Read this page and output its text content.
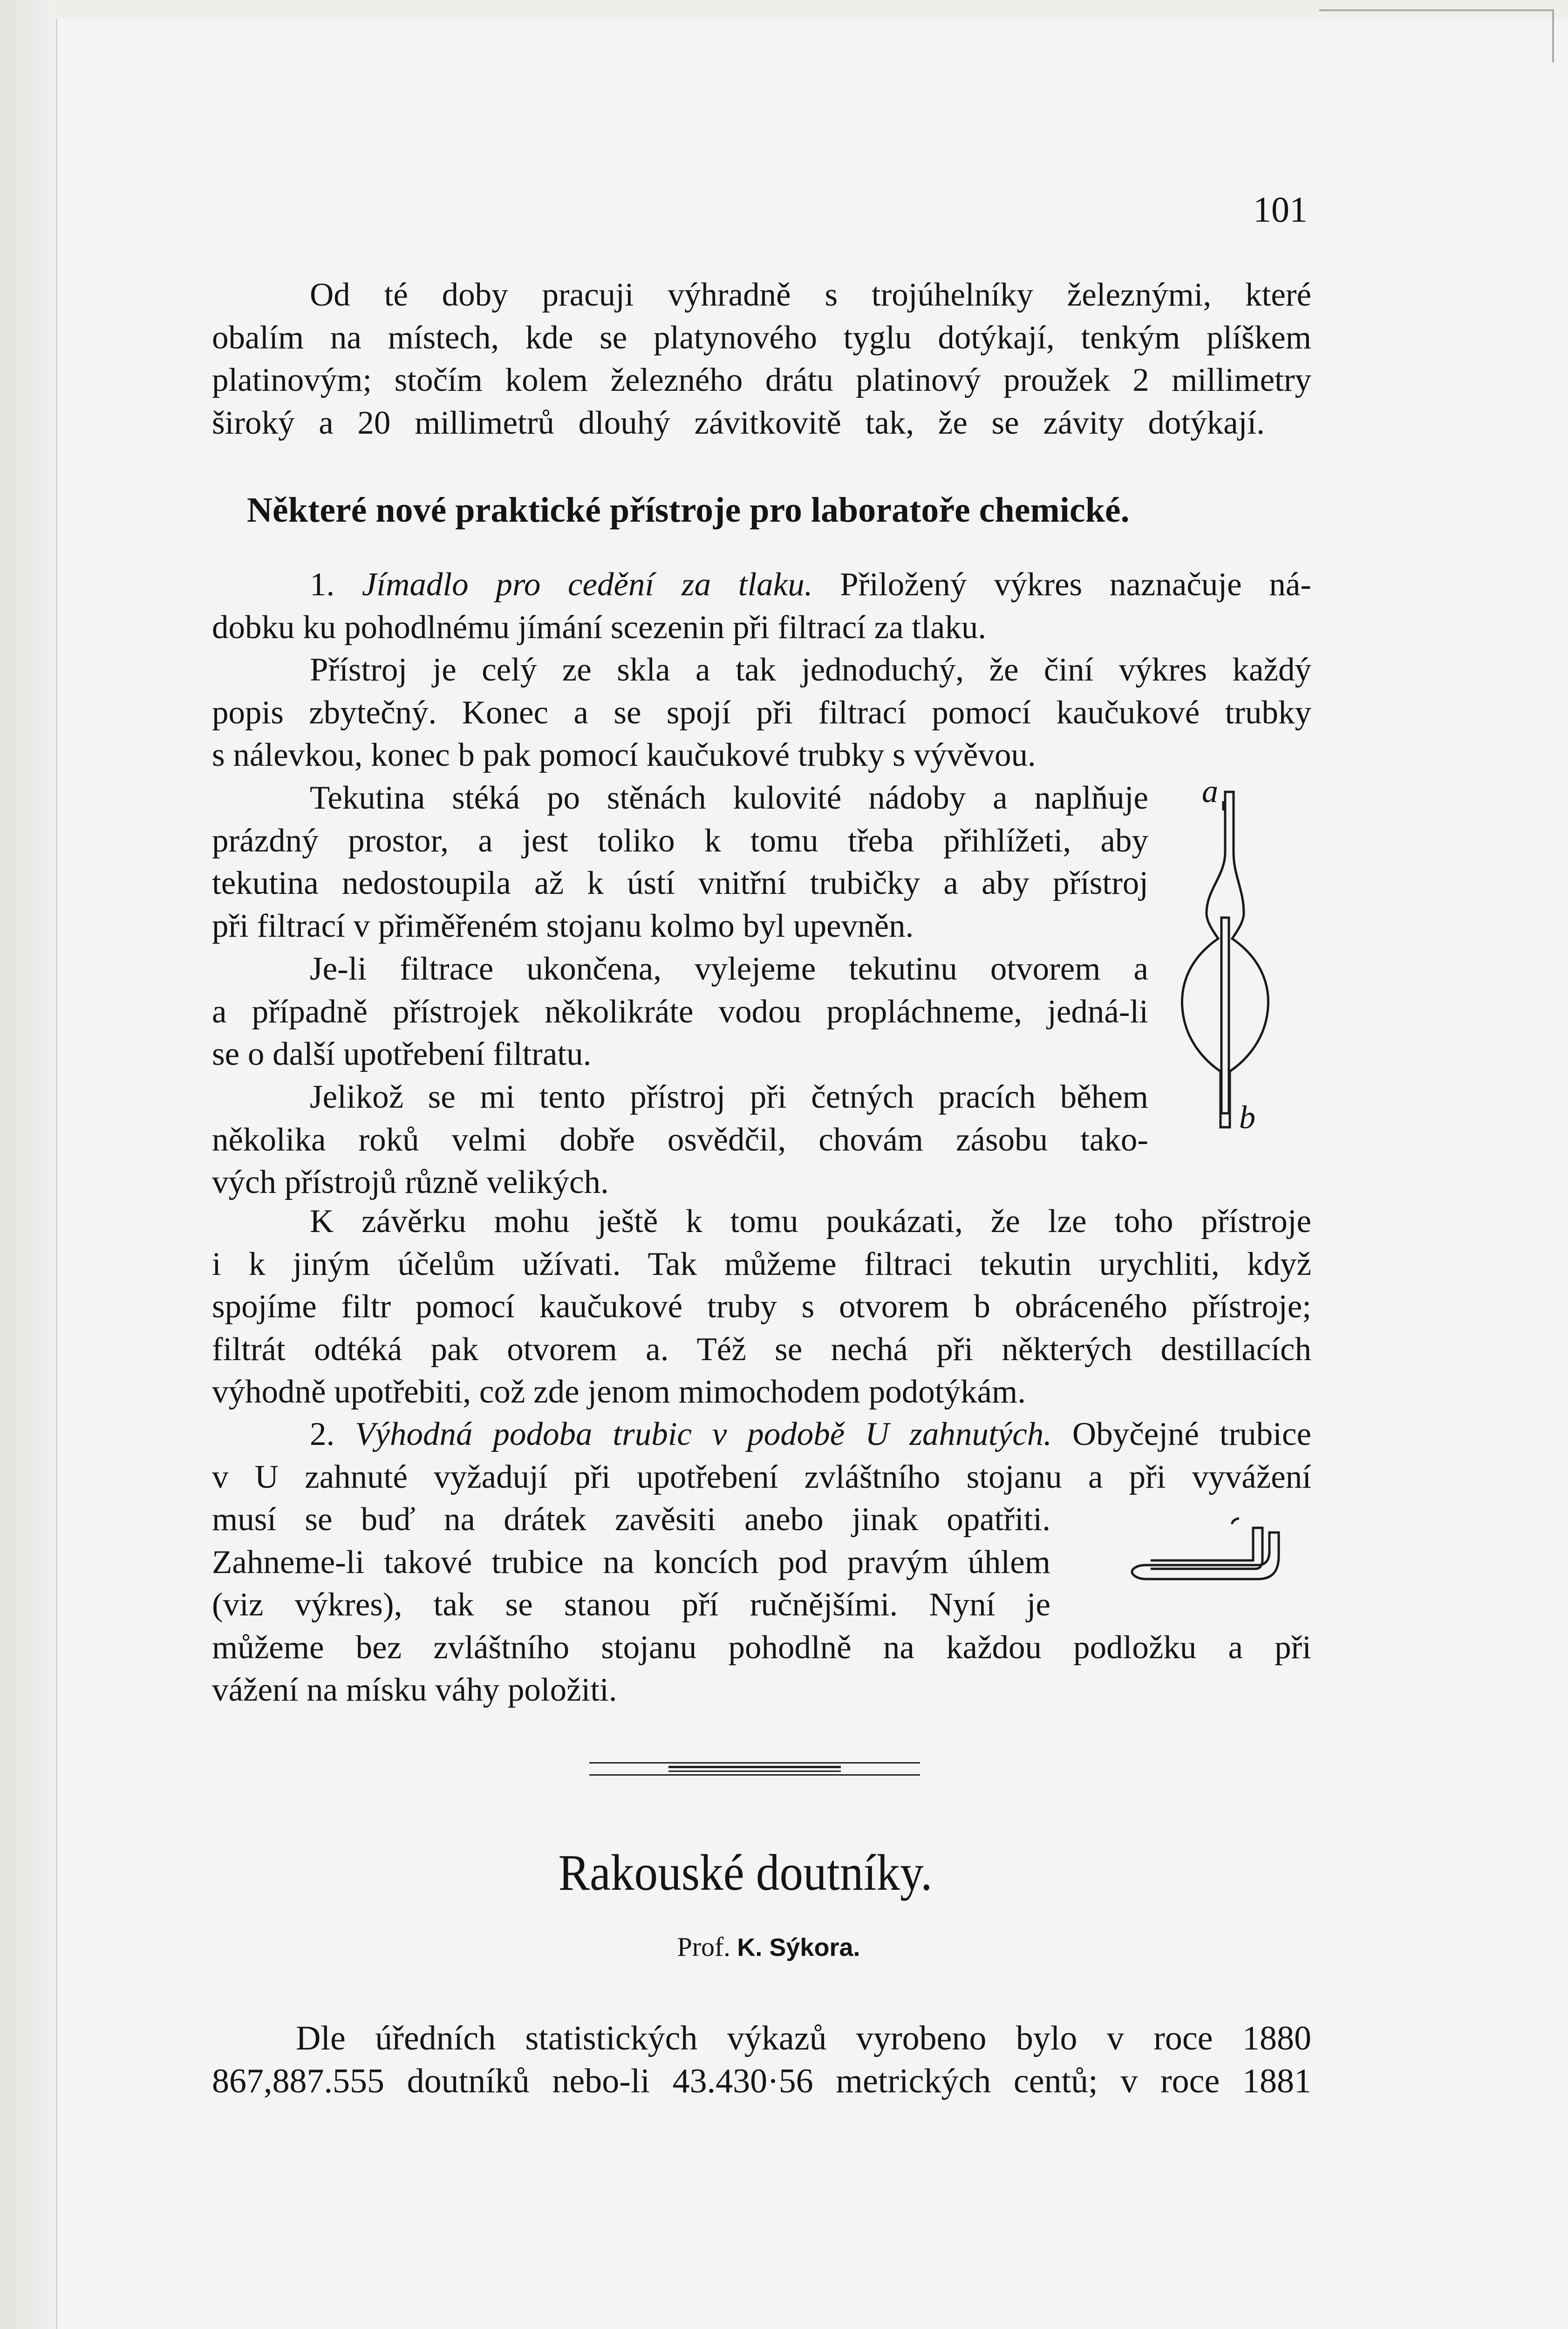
101
Od té doby pracuji výhradně s trojúhelníky železnými, které
obalím na místech, kde se platynového tyglu dotýkají, tenkým plíškem
platinovým; stočím kolem železného drátu platinový proužek 2 millimetry
široký a 20 millimetrů dlouhý závitkovitě tak, že se závity dotýkají.
Některé nové praktické přístroje pro laboratoře chemické.
1. Jímadlo pro cedění za tlaku. Přiložený výkres naznačuje ná-
dobku ku pohodlnému jímání scezenin při filtrací za tlaku.
Přístroj je celý ze skla a tak jednoduchý, že činí výkres každý
popis zbytečný. Konec a se spojí při filtrací pomocí kaučukové trubky
s nálevkou, konec b pak pomocí kaučukové trubky s vývěvou.
Tekutina stéká po stěnách kulovité nádoby a naplňuje
prázdný prostor, a jest toliko k tomu třeba přihlížeti, aby
tekutina nedostoupila až k ústí vnitřní trubičky a aby přístroj
při filtrací v přiměřeném stojanu kolmo byl upevněn.
Je-li filtrace ukončena, vylejeme tekutinu otvorem a
a případně přístrojek několikráte vodou propláchneme, jedná-li
se o další upotřebení filtratu.
Jelikož se mi tento přístroj při četných pracích během
několika roků velmi dobře osvědčil, chovám zásobu tako-
vých přístrojů různě velikých.
a
b
K závěrku mohu ještě k tomu poukázati, že lze toho přístroje
i k jiným účelům užívati. Tak můžeme filtraci tekutin urychliti, když
spojíme filtr pomocí kaučukové truby s otvorem b obráceného přístroje;
filtrát odtéká pak otvorem a. Též se nechá při některých destillacích
výhodně upotřebiti, což zde jenom mimochodem podotýkám.
2. Výhodná podoba trubic v podobě U zahnutých. Obyčejné trubice
v U zahnuté vyžadují při upotřebení zvláštního stojanu a při vyvážení
musí se buď na drátek zavěsiti anebo jinak opatřiti.
Zahneme-li takové trubice na koncích pod pravým úhlem
(viz výkres), tak se stanou pří ručnějšími. Nyní je
můžeme bez zvláštního stojanu pohodlně na každou podložku a při
vážení na mísku váhy položiti.
Rakouské doutníky.
Prof. K. Sýkora.
Dle úředních statistických výkazů vyrobeno bylo v roce 1880
867,887.555 doutníků nebo-li 43.430·56 metrických centů; v roce 1881
